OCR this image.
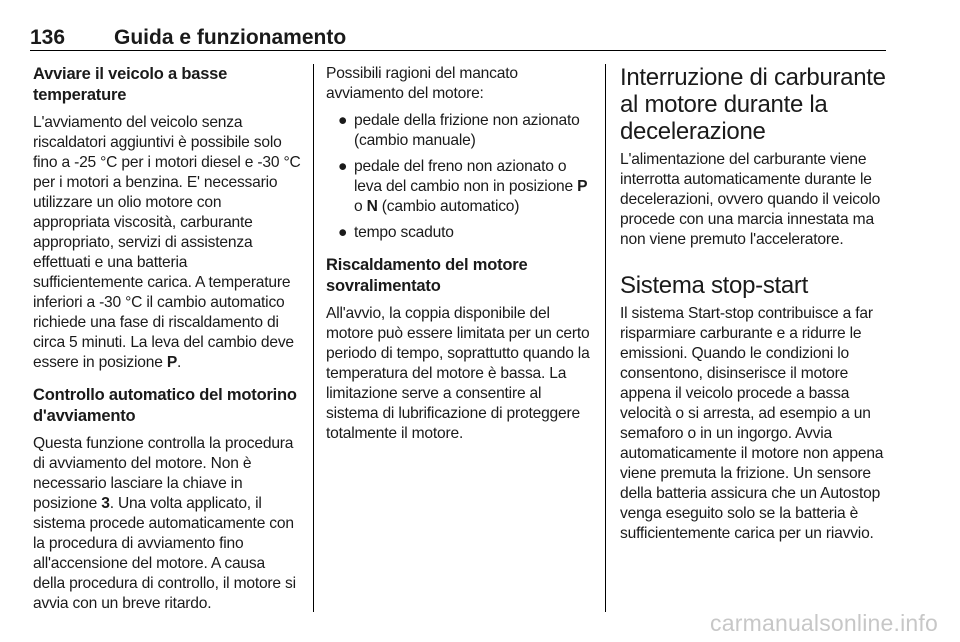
136 Guida e funzionamento
Avviare il veicolo a basse temperature

L'avviamento del veicolo senza riscaldatori aggiuntivi è possibile solo fino a -25 °C per i motori diesel e -30 °C per i motori a benzina. E' necessario utilizzare un olio motore con appropriata viscosità, carburante appropriato, servizi di assistenza effettuati e una batteria sufficientemente carica. A temperature inferiori a -30 °C il cambio automatico richiede una fase di riscaldamento di circa 5 minuti. La leva del cambio deve essere in posizione P.

Controllo automatico del motorino d'avviamento

Questa funzione controlla la procedura di avviamento del motore. Non è necessario lasciare la chiave in posizione 3. Una volta applicato, il sistema procede automaticamente con la procedura di avviamento fino all'accensione del motore. A causa della procedura di controllo, il motore si avvia con un breve ritardo.

Possibili ragioni del mancato avviamento del motore:

● pedale della frizione non azionato (cambio manuale)
● pedale del freno non azionato o leva del cambio non in posizione P o N (cambio automatico)
● tempo scaduto
Riscaldamento del motore sovralimentato

All'avvio, la coppia disponibile del motore può essere limitata per un certo periodo di tempo, soprattutto quando la temperatura del motore è bassa. La limitazione serve a consentire al sistema di lubrificazione di proteggere totalmente il motore.

Interruzione di carburante al motore durante la decelerazione

L'alimentazione del carburante viene interrotta automaticamente durante le decelerazioni, ovvero quando il veicolo procede con una marcia innestata ma non viene premuto l'acceleratore.

Sistema stop-start

Il sistema Start-stop contribuisce a far risparmiare carburante e a ridurre le emissioni. Quando le condizioni lo consentono, disinserisce il motore appena il veicolo procede a bassa velocità o si arresta, ad esempio a un semaforo o in un ingorgo. Avvia automaticamente il motore non appena viene premuta la frizione. Un sensore della batteria assicura che un Autostop venga eseguito solo se la batteria è sufficientemente carica per un riavvio.

carmanualsonline.info
